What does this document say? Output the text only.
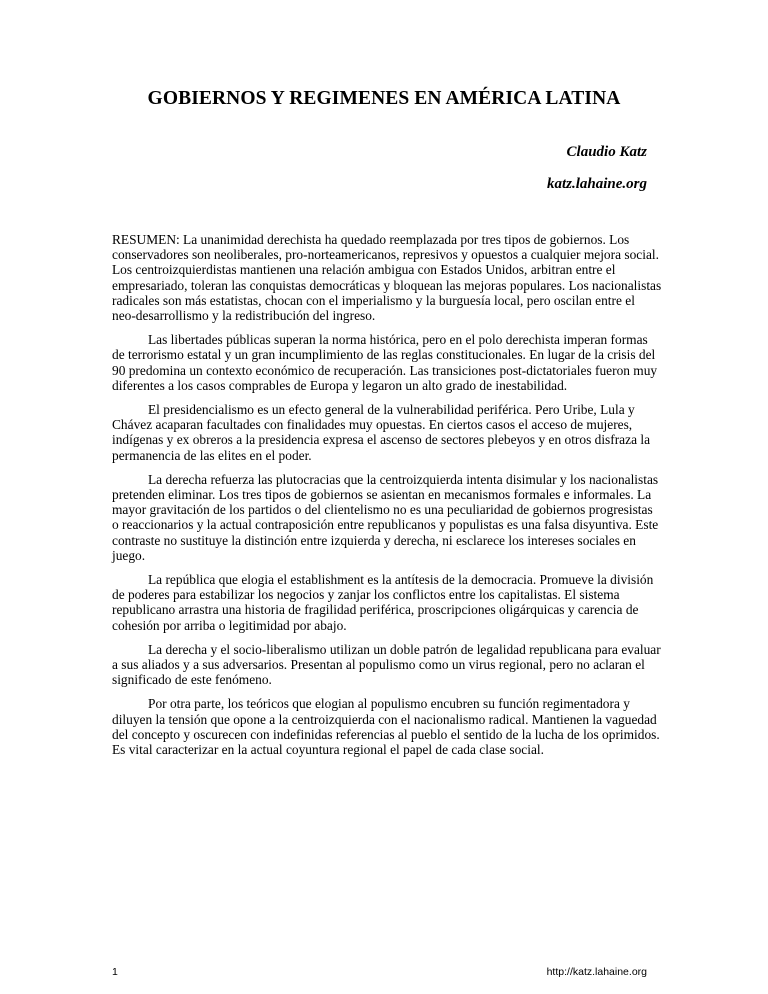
GOBIERNOS Y REGIMENES EN AMÉRICA LATINA
Claudio Katz
katz.lahaine.org

RESUMEN: La unanimidad derechista ha quedado reemplazada por tres tipos de gobiernos. Los conservadores son neoliberales, pro-norteamericanos, represivos y opuestos a cualquier mejora social. Los centroizquierdistas mantienen una relación ambigua con Estados Unidos, arbitran entre el empresariado, toleran las conquistas democráticas y bloquean las mejoras populares. Los nacionalistas radicales son más estatistas, chocan con el imperialismo y la burguesía local, pero oscilan entre el neo-desarrollismo y la redistribución del ingreso.

Las libertades públicas superan la norma histórica, pero en el polo derechista imperan formas de terrorismo estatal y un gran incumplimiento de las reglas constitucionales. En lugar de la crisis del 90 predomina un contexto económico de recuperación. Las transiciones post-dictatoriales fueron muy diferentes a los casos comprables de Europa y legaron un alto grado de inestabilidad.

El presidencialismo es un efecto general de la vulnerabilidad periférica. Pero Uribe, Lula y Chávez acaparan facultades con finalidades muy opuestas. En ciertos casos el acceso de mujeres, indígenas y ex obreros a la presidencia expresa el ascenso de sectores plebeyos y en otros disfraza la permanencia de las elites en el poder.

La derecha refuerza las plutocracias que la centroizquierda intenta disimular y los nacionalistas pretenden eliminar. Los tres tipos de gobiernos se asientan en mecanismos formales e informales. La mayor gravitación de los partidos o del clientelismo no es una peculiaridad de gobiernos progresistas o reaccionarios y la actual contraposición entre republicanos y populistas es una falsa disyuntiva. Este contraste no sustituye la distinción entre izquierda y derecha, ni esclarece los intereses sociales en juego.

La república que elogia el establishment es la antítesis de la democracia. Promueve la división de poderes para estabilizar los negocios y zanjar los conflictos entre los capitalistas. El sistema republicano arrastra una historia de fragilidad periférica, proscripciones oligárquicas y carencia de cohesión por arriba o legitimidad por abajo.

La derecha y el socio-liberalismo utilizan un doble patrón de legalidad republicana para evaluar a sus aliados y a sus adversarios. Presentan al populismo como un virus regional, pero no aclaran el significado de este fenómeno.

Por otra parte, los teóricos que elogian al populismo encubren su función regimentadora y diluyen la tensión que opone a la centroizquierda con el nacionalismo radical. Mantienen la vaguedad del concepto y oscurecen con indefinidas referencias al pueblo el sentido de la lucha de los oprimidos. Es vital caracterizar en la actual coyuntura regional el papel de cada clase social.

1	http://katz.lahaine.org
